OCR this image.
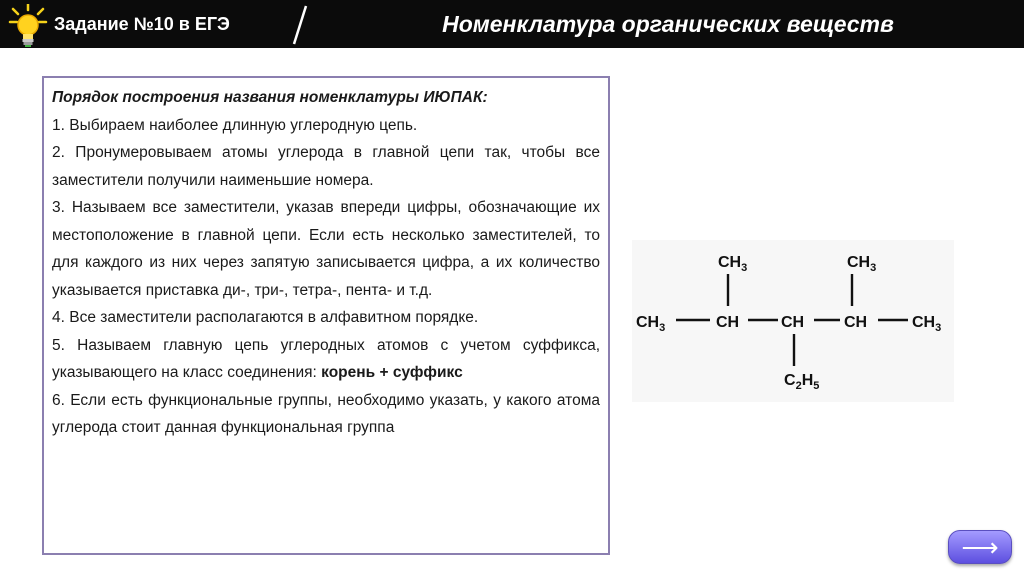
Задание №10 в ЕГЭ	Номенклатура органических веществ

Порядок построения названия номенклатуры ИЮПАК:

1. Выбираем наиболее длинную углеродную цепь.

2. Пронумеровываем атомы углерода в главной цепи так, чтобы все заместители получили наименьшие номера.

3. Называем все заместители, указав впереди цифры, обозначающие их местоположение в главной цепи. Если есть несколько заместителей, то для каждого из них через запятую записывается цифра, а их количество указывается приставка ди-, три-, тетра-, пента- и т.д.

4. Все заместители располагаются в алфавитном порядке.

5. Называем главную цепь углеродных атомов с учетом суффикса, указывающего на класс соединения: корень + суффикс

6. Если есть функциональные группы, необходимо указать, у какого атома углерода стоит данная функциональная группа

$CH_3$	CH	CH CH	$CH_3$
$CH_3$	$CH_3$
$C_2H_5$
⟶
